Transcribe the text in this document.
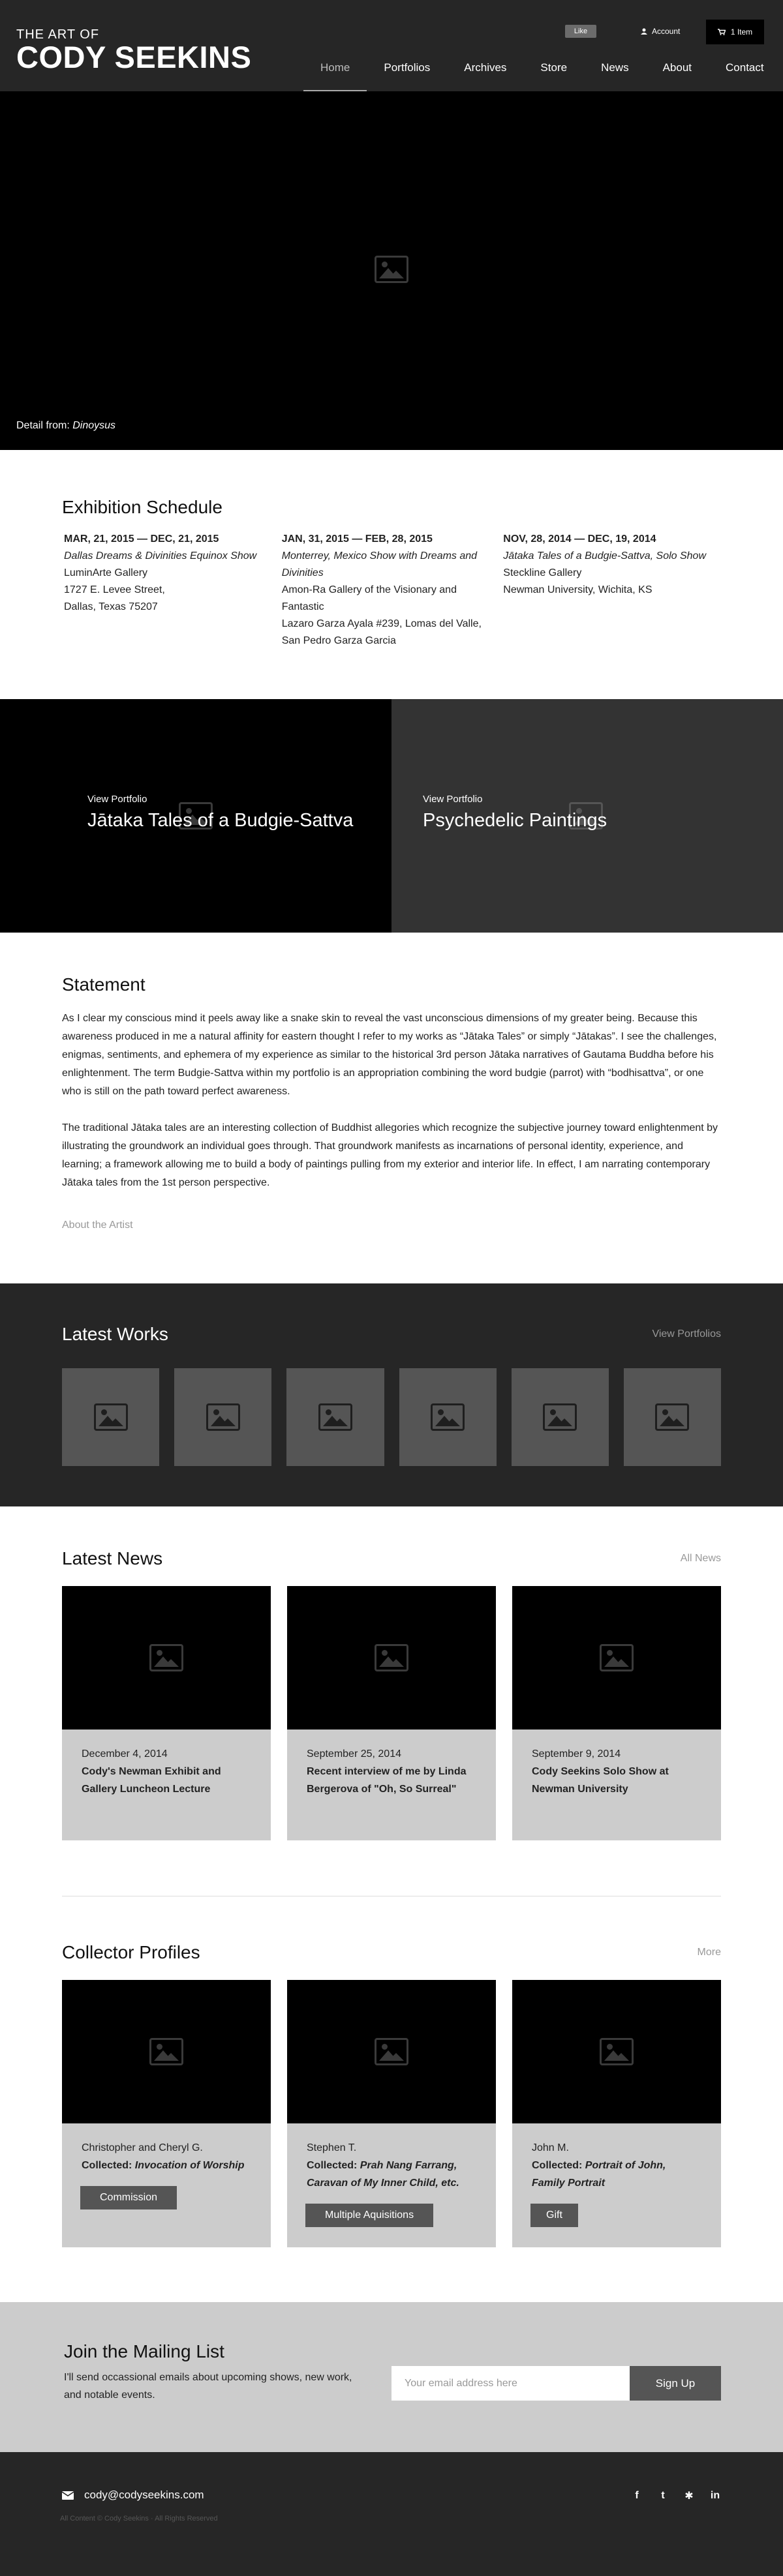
THE ART OF
CODY SEEKINS
Like	Account	1 Item
Home	Portfolios	Archives	Store	News	About	Contact
Detail from: Dinoysus
Exhibition Schedule
MAR, 21, 2015 — DEC, 21, 2015
Dallas Dreams & Divinities Equinox Show
LuminArte Gallery
1727 E. Levee Street,
Dallas, Texas 75207
JAN, 31, 2015 — FEB, 28, 2015
Monterrey, Mexico Show with Dreams and Divinities
Amon-Ra Gallery of the Visionary and Fantastic
Lazaro Garza Ayala #239, Lomas del Valle, San Pedro Garza Garcia
NOV, 28, 2014 — DEC, 19, 2014
Jātaka Tales of a Budgie-Sattva, Solo Show
Steckline Gallery
Newman University, Wichita, KS
View Portfolio
Jātaka Tales of a Budgie-Sattva
View Portfolio
Psychedelic Paintings
Statement

As I clear my conscious mind it peels away like a snake skin to reveal the vast unconscious dimensions of my greater being. Because this awareness produced in me a natural affinity for eastern thought I refer to my works as “Jātaka Tales” or simply “Jātakas”. I see the challenges, enigmas, sentiments, and ephemera of my experience as similar to the historical 3rd person Jātaka narratives of Gautama Buddha before his enlightenment. The term Budgie-Sattva within my portfolio is an appropriation combining the word budgie (parrot) with “bodhisattva”, or one who is still on the path toward perfect awareness.

The traditional Jātaka tales are an interesting collection of Buddhist allegories which recognize the subjective journey toward enlightenment by illustrating the groundwork an individual goes through. That groundwork manifests as incarnations of personal identity, experience, and learning; a framework allowing me to build a body of paintings pulling from my exterior and interior life. In effect, I am narrating contemporary Jātaka tales from the 1st person perspective.

About the Artist
Latest Works	View Portfolios
Latest News	All News
December 4, 2014
Cody's Newman Exhibit and Gallery Luncheon Lecture
September 25, 2014
Recent interview of me by Linda Bergerova of "Oh, So Surreal"
September 9, 2014
Cody Seekins Solo Show at Newman University
Collector Profiles	More
Christopher and Cheryl G.
Collected: Invocation of Worship
Commission
Stephen T.
Collected: Prah Nang Farrang, Caravan of My Inner Child, etc.
Multiple Aquisitions
John M.
Collected: Portrait of John, Family Portrait
Gift
Join the Mailing List

I'll send occassional emails about upcoming shows, new work, and notable events.

Your email address here	Sign Up
cody@codyseekins.com
All Content © Cody Seekins · All Rights Reserved
f	t	✱ in
